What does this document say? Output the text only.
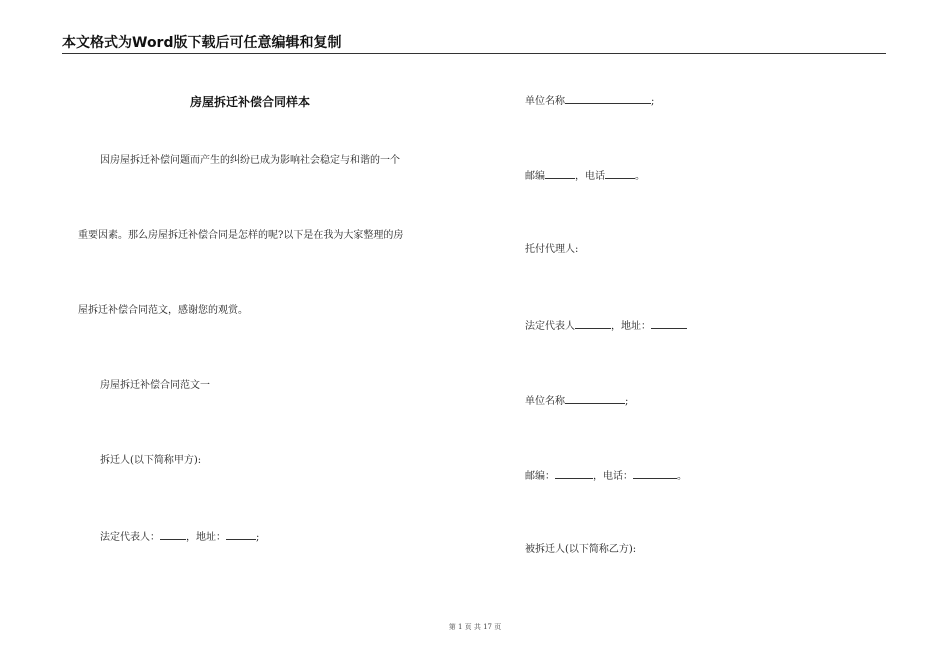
本文格式为Word版下载后可任意编辑和复制
房屋拆迁补偿合同样本
因房屋拆迁补偿问题而产生的纠纷已成为影响社会稳定与和谐的一个
重要因素。那么房屋拆迁补偿合同是怎样的呢?以下是在我为大家整理的房
屋拆迁补偿合同范文，感谢您的观赏。
房屋拆迁补偿合同范文一
拆迁人(以下简称甲方):
法定代表人：	，地址：	;
单位名称	;
邮编	，电话	。
托付代理人:
法定代表人	，地址：
单位名称	;
邮编：	，电话：	。
被拆迁人(以下简称乙方):
第 1 页 共 17 页
